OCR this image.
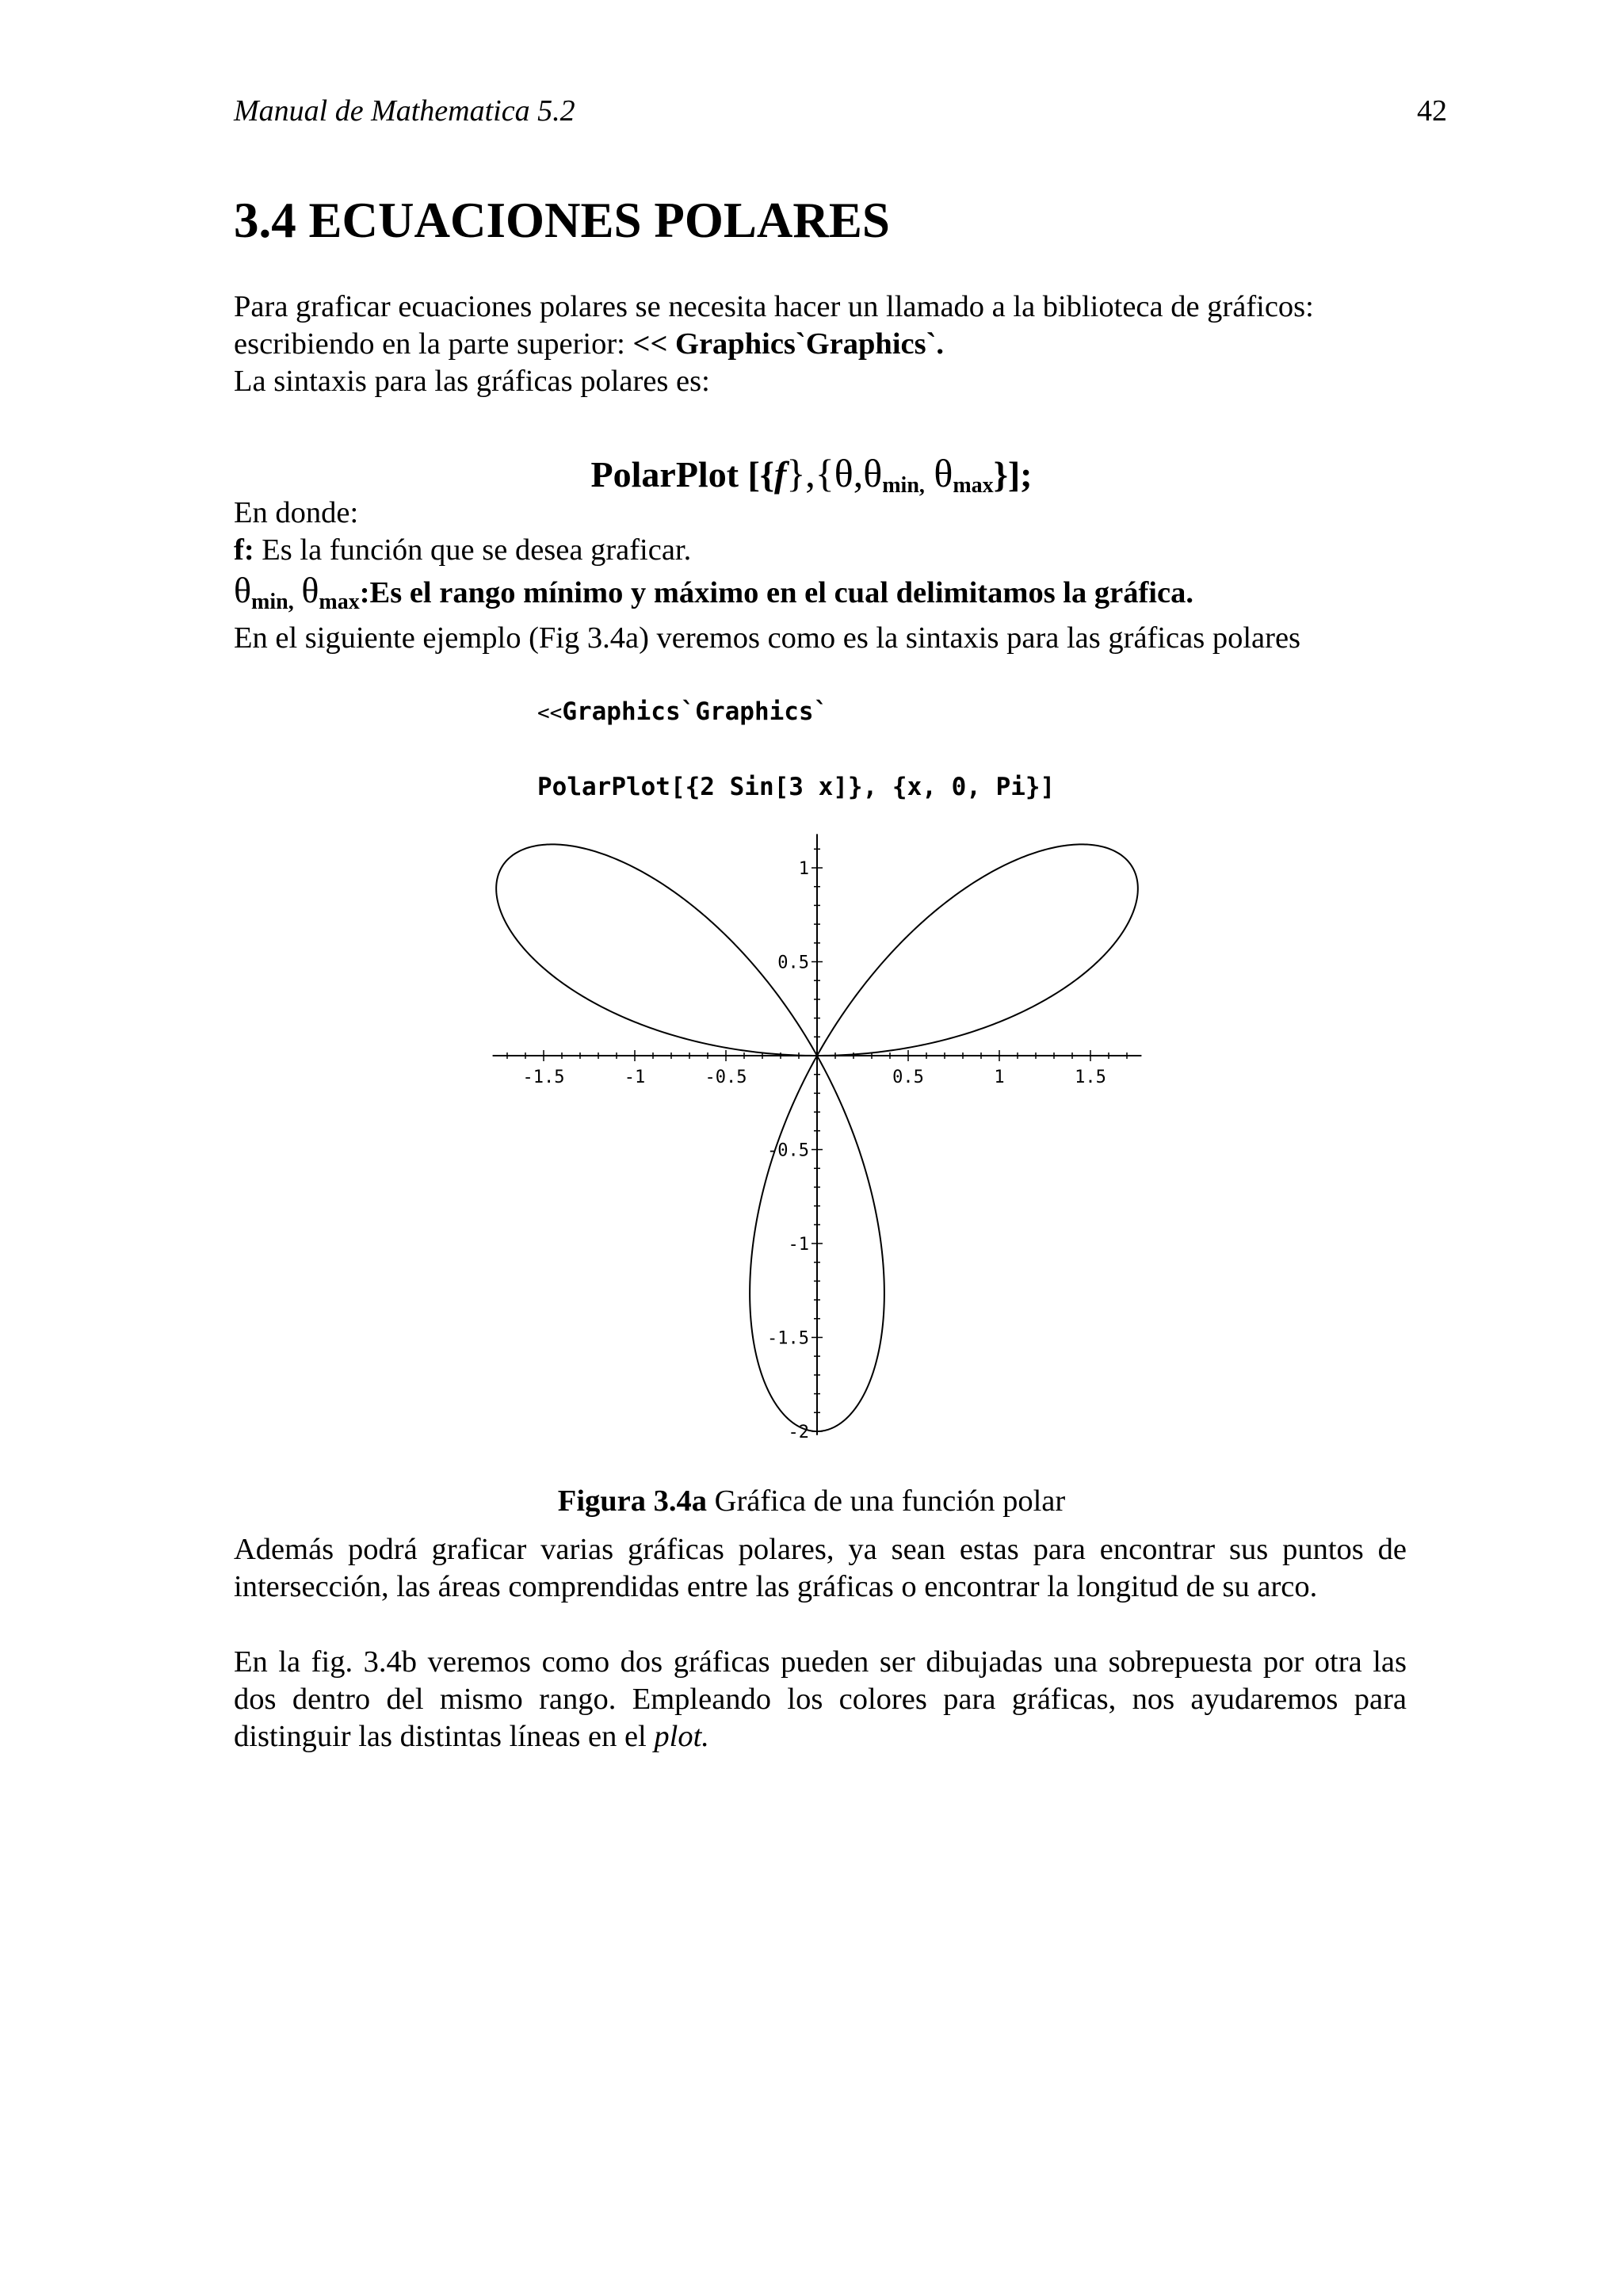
Manual de Mathematica 5.2	42
3.4 ECUACIONES POLARES

Para graficar ecuaciones polares se necesita hacer un llamado a la biblioteca de gráficos:
escribiendo en la parte superior: << Graphics`Graphics`.
La sintaxis para las gráficas polares es:

PolarPlot [$\{f\},\{\theta,\theta_{min,}$ $\theta_{max}$}];
En donde:
f: Es la función que se desea graficar.
$\theta_{min,}$ $\theta_{max}:Es$ el rango mínimo y máximo en el cual delimitamos la gráfica.
En el siguiente ejemplo (Fig 3.4a) veremos como es la sintaxis para las gráficas polares
<<Graphics`Graphics`
PolarPlot[{2 Sin[3 x]}, {x, 0, Pi}]
-1.5	-1	-0.5	0.5	1	1.5
1
0.5
-0.5
-1
-1.5
-2
Figura 3.4a Gráfica de una función polar

Además podrá graficar varias gráficas polares, ya sean estas para encontrar sus puntos de intersección, las áreas comprendidas entre las gráficas o encontrar la longitud de su arco.

En la fig. 3.4b veremos como dos gráficas pueden ser dibujadas una sobrepuesta por otra las dos dentro del mismo rango. Empleando los colores para gráficas, nos ayudaremos para distinguir las distintas líneas en el plot.
